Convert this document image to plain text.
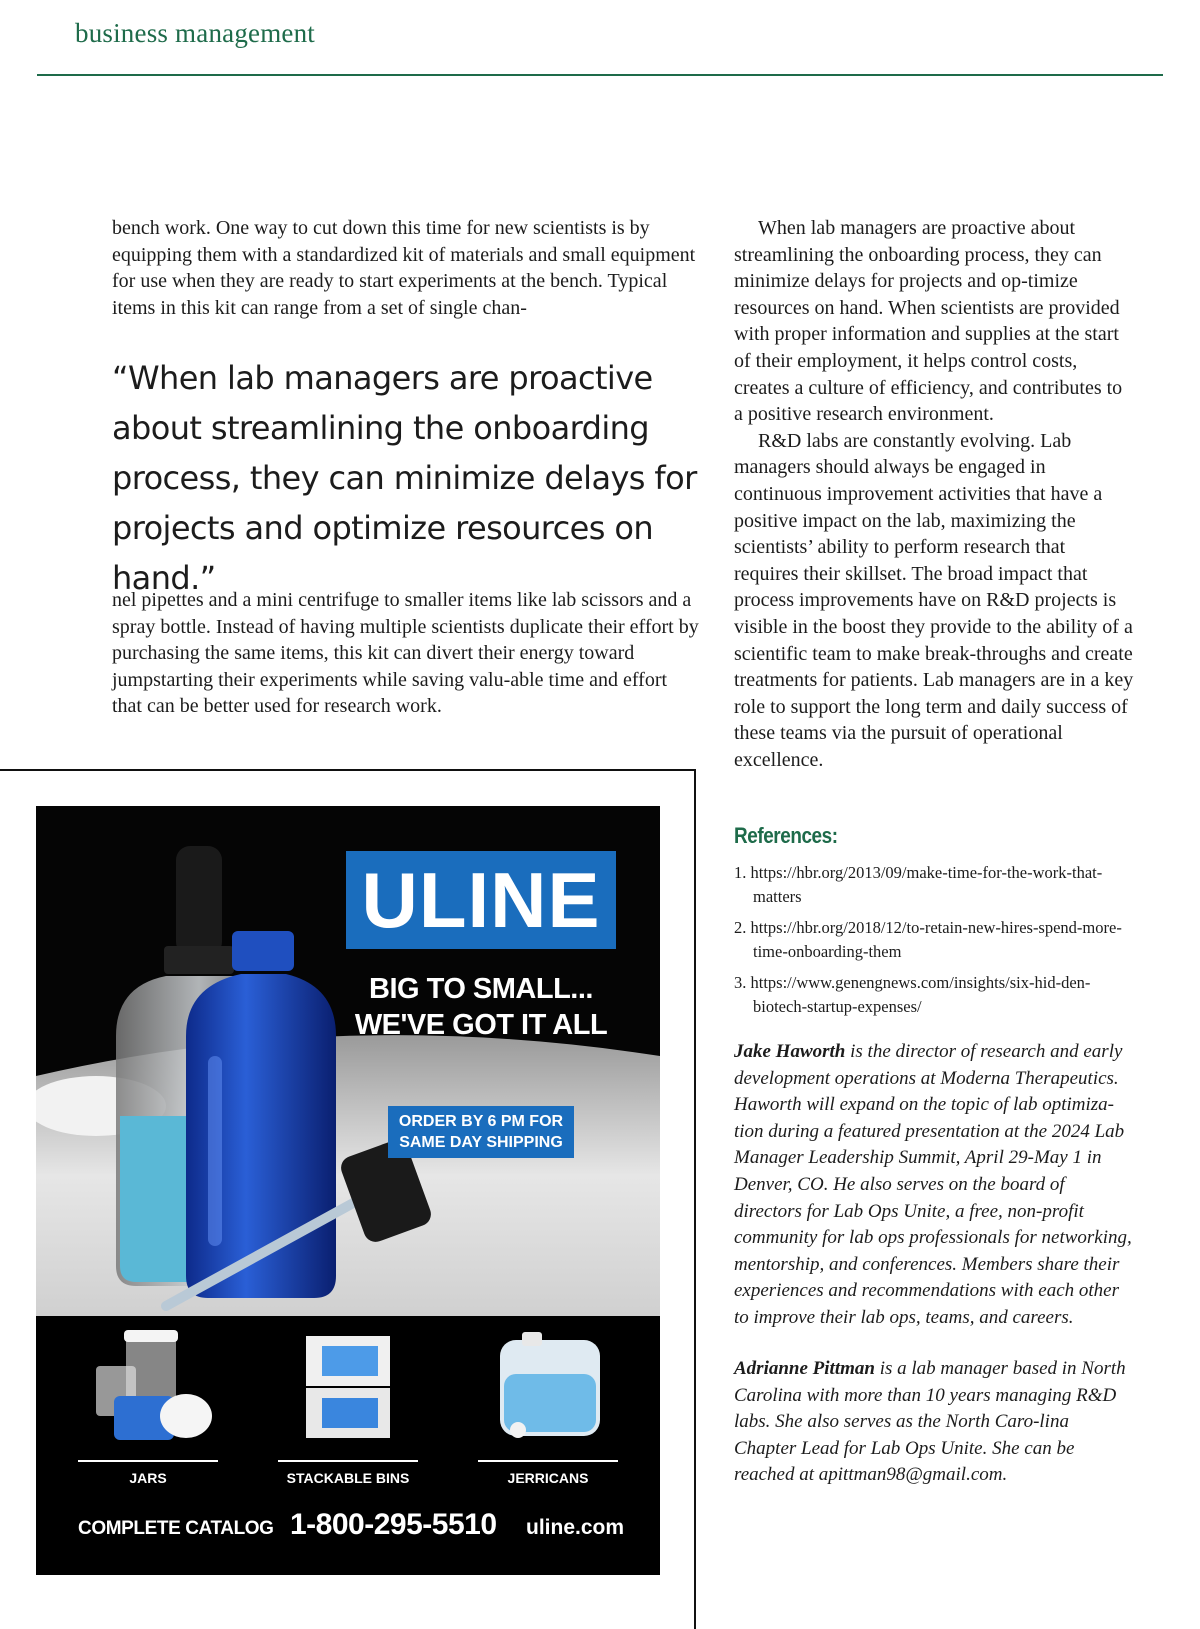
business management

bench work. One way to cut down this time for new scientists is by equipping them with a standardized kit of materials and small equipment for use when they are ready to start experiments at the bench. Typical items in this kit can range from a set of single chan-

“When lab managers are proactive about streamlining the onboarding process, they can minimize delays for projects and optimize resources on hand.”

nel pipettes and a mini centrifuge to smaller items like lab scissors and a spray bottle. Instead of having multiple scientists duplicate their effort by purchasing the same items, this kit can divert their energy toward jumpstarting their experiments while saving valu-able time and effort that can be better used for research work.

When lab managers are proactive about streamlining the onboarding process, they can minimize delays for projects and op-timize resources on hand. When scientists are provided with proper information and supplies at the start of their employment, it helps control costs, creates a culture of efficiency, and contributes to a positive research environment.

R&D labs are constantly evolving. Lab managers should always be engaged in continuous improvement activities that have a positive impact on the lab, maximizing the scientists’ ability to perform research that requires their skillset. The broad impact that process improvements have on R&D projects is visible in the boost they provide to the ability of a scientific team to make break-throughs and create treatments for patients. Lab managers are in a key role to support the long term and daily success of these teams via the pursuit of operational excellence.

References:
1. https://hbr.org/2013/09/make-time-for-the-work-that-matters
2. https://hbr.org/2018/12/to-retain-new-hires-spend-more-time-onboarding-them
3. https://www.genengnews.com/insights/six-hid-den-biotech-startup-expenses/

Jake Haworth is the director of research and early development operations at Moderna Therapeutics. Haworth will expand on the topic of lab optimiza-tion during a featured presentation at the 2024 Lab Manager Leadership Summit, April 29-May 1 in Denver, CO. He also serves on the board of directors for Lab Ops Unite, a free, non-profit community for lab ops professionals for networking, mentorship, and conferences. Members share their experiences and recommendations with each other to improve their lab ops, teams, and careers.

Adrianne Pittman is a lab manager based in North Carolina with more than 10 years managing R&D labs. She also serves as the North Caro-lina Chapter Lead for Lab Ops Unite. She can be reached at apittman98@gmail.com.

ULINE
BIG TO SMALL...
WE'VE GOT IT ALL
ORDER BY 6 PM FOR
SAME DAY SHIPPING
JARS	STACKABLE BINS	JERRICANS
COMPLETE CATALOG 1-800-295-5510 uline.com
